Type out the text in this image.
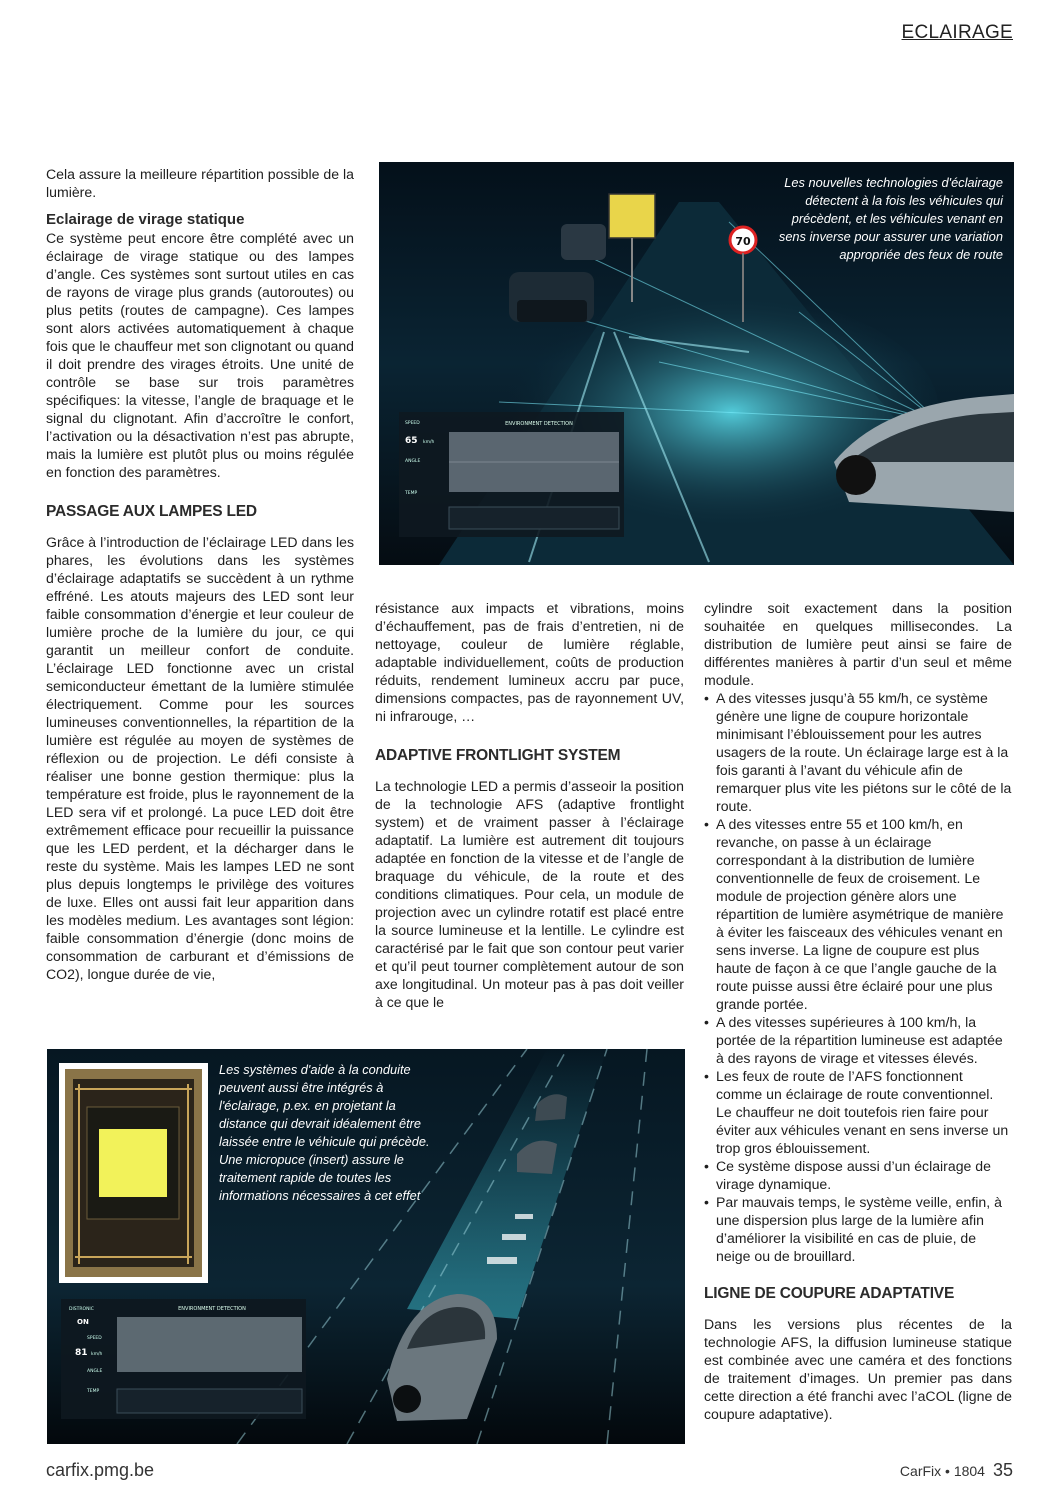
ECLAIRAGE

Cela assure la meilleure répartition possible de la lumière.

Eclairage de virage statique

Ce système peut encore être complété avec un éclairage de virage statique ou des lampes d’angle. Ces systèmes sont surtout utiles en cas de rayons de virage plus grands (autoroutes) ou plus petits (routes de campagne). Ces lampes sont alors activées automatiquement à chaque fois que le chauffeur met son clignotant ou quand il doit prendre des virages étroits. Une unité de contrôle se base sur trois paramètres spécifiques: la vitesse, l’angle de braquage et le signal du clignotant. Afin d’accroître le confort, l’activation ou la désactivation n’est pas abrupte, mais la lumière est plutôt plus ou moins régulée en fonction des paramètres.

PASSAGE AUX LAMPES LED

Grâce à l’introduction de l’éclairage LED dans les phares, les évolutions dans les systèmes d’éclairage adaptatifs se succèdent à un rythme effréné. Les atouts majeurs des LED sont leur faible consommation d’énergie et leur couleur de lumière proche de la lumière du jour, ce qui garantit un meilleur confort de conduite. L’éclairage LED fonctionne avec un cristal semiconducteur émettant de la lumière stimulée électriquement. Comme pour les sources lumineuses conventionnelles, la répartition de la lumière est régulée au moyen de systèmes de réflexion ou de projection. Le défi consiste à réaliser une bonne gestion thermique: plus la température est froide, plus le rayonnement de la LED sera vif et prolongé. La puce LED doit être extrêmement efficace pour recueillir la puissance que les LED perdent, et la décharger dans le reste du système. Mais les lampes LED ne sont plus depuis longtemps le privilège des voitures de luxe. Elles ont aussi fait leur apparition dans les modèles medium. Les avantages sont légion: faible consommation d’énergie (donc moins de consommation de carburant et d’émissions de CO2), longue durée de vie,

70
ENVIRONMENT DETECTION
SPEED
65 km/h
ANGLE
TEMP
Les nouvelles technologies d'éclairage détectent à la fois les véhicules qui précèdent, et les véhicules venant en sens inverse pour assurer une variation appropriée des feux de route

résistance aux impacts et vibrations, moins d’échauffement, pas de frais d’entretien, ni de nettoyage, couleur de lumière réglable, adaptable individuellement, coûts de production réduits, rendement lumineux accru par puce, dimensions compactes, pas de rayonnement UV, ni infrarouge, …

ADAPTIVE FRONTLIGHT SYSTEM

La technologie LED a permis d’asseoir la position de la technologie AFS (adaptive frontlight system) et de vraiment passer à l’éclairage adaptatif. La lumière est autrement dit toujours adaptée en fonction de la vitesse et de l’angle de braquage du véhicule, de la route et des conditions climatiques. Pour cela, un module de projection avec un cylindre rotatif est placé entre la source lumineuse et la lentille. Le cylindre est caractérisé par le fait que son contour peut varier et qu’il peut tourner complètement autour de son axe longitudinal. Un moteur pas à pas doit veiller à ce que le

cylindre soit exactement dans la position souhaitée en quelques millisecondes. La distribution de lumière peut ainsi se faire de différentes manières à partir d’un seul et même module.

• A des vitesses jusqu’à 55 km/h, ce système génère une ligne de coupure horizontale minimisant l’éblouissement pour les autres usagers de la route. Un éclairage large est à la fois garanti à l’avant du véhicule afin de remarquer plus vite les piétons sur le côté de la route.
• A des vitesses entre 55 et 100 km/h, en revanche, on passe à un éclairage correspondant à la distribution de lumière conventionnelle de feux de croisement. Le module de projection génère alors une répartition de lumière asymétrique de manière à éviter les faisceaux des véhicules venant en sens inverse. La ligne de coupure est plus haute de façon à ce que l’angle gauche de la route puisse aussi être éclairé pour une plus grande portée.
• A des vitesses supérieures à 100 km/h, la portée de la répartition lumineuse est adaptée à des rayons de virage et vitesses élevés.
• Les feux de route de l’AFS fonctionnent comme un éclairage de route conventionnel. Le chauffeur ne doit toutefois rien faire pour éviter aux véhicules venant en sens inverse un trop gros éblouissement.
• Ce système dispose aussi d’un éclairage de virage dynamique.
• Par mauvais temps, le système veille, enfin, à une dispersion plus large de la lumière afin d’améliorer la visibilité en cas de pluie, de neige ou de brouillard.

LIGNE DE COUPURE ADAPTATIVE

Dans les versions plus récentes de la technologie AFS, la diffusion lumineuse statique est combinée avec une caméra et des fonctions de traitement d’images. Un premier pas dans cette direction a été franchi avec l’aCOL (ligne de coupure adaptative).

ENVIRONMENT DETECTION
DISTRONIC
ON
SPEED
81 km/h
ANGLE
TEMP
Les systèmes d'aide à la conduite peuvent aussi être intégrés à l'éclairage, p.ex. en projetant la distance qui devrait idéalement être laissée entre le véhicule qui précède. Une micropuce (insert) assure le traitement rapide de toutes les informations nécessaires à cet effet
carfix.pmg.be	CarFix • 1804 35
